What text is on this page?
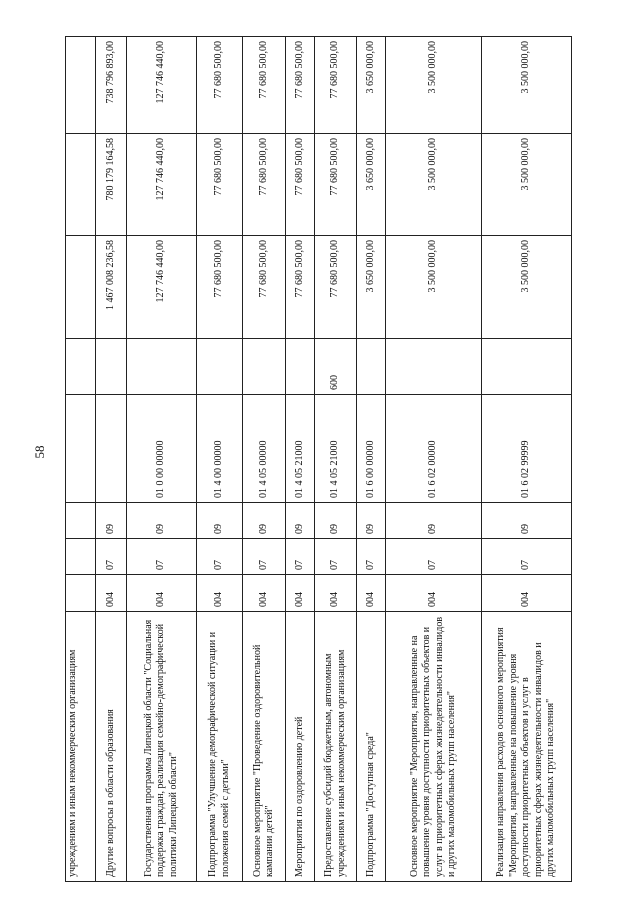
58
учреждениям и иным некоммерческим организациям								
Другие вопросы в области образования	004	07	09			1 467 008 236,58	780 179 164,58	738 796 893,00
Государственная программа Липецкой области "Социальная поддержка граждан, реализация семейно-демографической политики Липецкой области"	004	07	09	01 0 00 00000		127 746 440,00	127 746 440,00	127 746 440,00
Подпрограмма "Улучшение демографической ситуации и положения семей с детьми"	004	07	09	01 4 00 00000		77 680 500,00	77 680 500,00	77 680 500,00
Основное мероприятие "Проведение оздоровительной кампании детей"	004	07	09	01 4 05 00000		77 680 500,00	77 680 500,00	77 680 500,00
Мероприятия по оздоровлению детей	004	07	09	01 4 05 21000		77 680 500,00	77 680 500,00	77 680 500,00
Предоставление субсидий бюджетным, автономным учреждениям и иным некоммерческим организациям	004	07	09	01 4 05 21000	600	77 680 500,00	77 680 500,00	77 680 500,00
Подпрограмма "Доступная среда"	004	07	09	01 6 00 00000		3 650 000,00	3 650 000,00	3 650 000,00
Основное мероприятие "Мероприятия, направленные на повышение уровня доступности приоритетных объектов и услуг в приоритетных сферах жизнедеятельности инвалидов и других маломобильных групп населения"	004	07	09	01 6 02 00000		3 500 000,00	3 500 000,00	3 500 000,00
Реализация направления расходов основного мероприятия "Мероприятия, направленные на повышение уровня доступности приоритетных объектов и услуг в приоритетных сферах жизнедеятельности инвалидов и других маломобильных групп населения"	004	07	09	01 6 02 99999		3 500 000,00	3 500 000,00	3 500 000,00
